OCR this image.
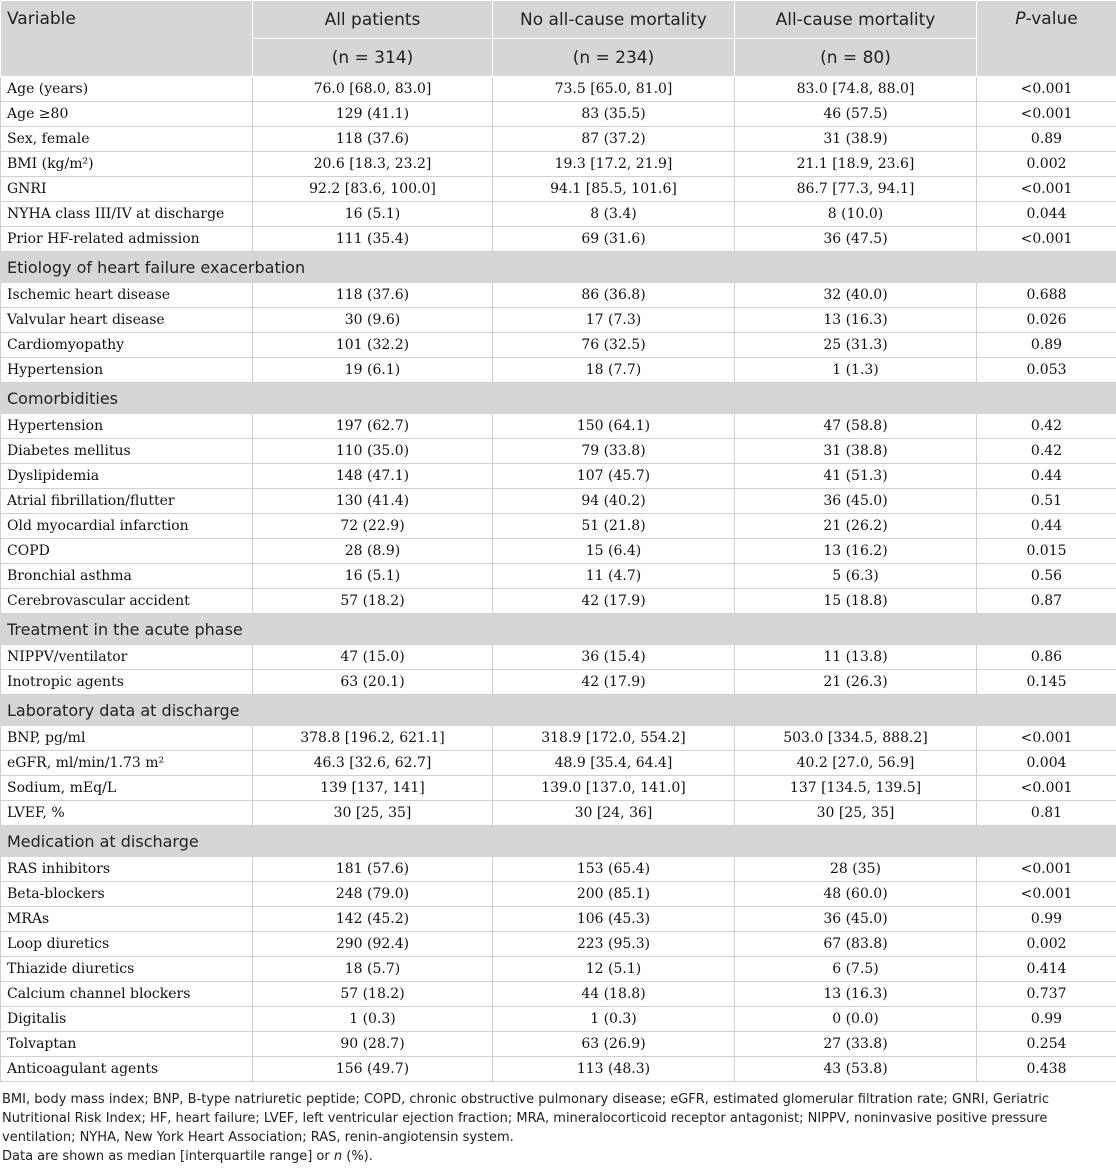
Variable	All patients	No all-cause mortality	All-cause mortality	P-value
	(n = 314)	(n = 234)	(n = 80)	
Age (years)	76.0 [68.0, 83.0]	73.5 [65.0, 81.0]	83.0 [74.8, 88.0]	<0.001
Age ≥80	129 (41.1)	83 (35.5)	46 (57.5)	<0.001
Sex, female	118 (37.6)	87 (37.2)	31 (38.9)	0.89
BMI (kg/m²)	20.6 [18.3, 23.2]	19.3 [17.2, 21.9]	21.1 [18.9, 23.6]	0.002
GNRI	92.2 [83.6, 100.0]	94.1 [85.5, 101.6]	86.7 [77.3, 94.1]	<0.001
NYHA class III/IV at discharge	16 (5.1)	8 (3.4)	8 (10.0)	0.044
Prior HF-related admission	111 (35.4)	69 (31.6)	36 (47.5)	<0.001
Etiology of heart failure exacerbation				
Ischemic heart disease	118 (37.6)	86 (36.8)	32 (40.0)	0.688
Valvular heart disease	30 (9.6)	17 (7.3)	13 (16.3)	0.026
Cardiomyopathy	101 (32.2)	76 (32.5)	25 (31.3)	0.89
Hypertension	19 (6.1)	18 (7.7)	1 (1.3)	0.053
Comorbidities				
Hypertension	197 (62.7)	150 (64.1)	47 (58.8)	0.42
Diabetes mellitus	110 (35.0)	79 (33.8)	31 (38.8)	0.42
Dyslipidemia	148 (47.1)	107 (45.7)	41 (51.3)	0.44
Atrial fibrillation/flutter	130 (41.4)	94 (40.2)	36 (45.0)	0.51
Old myocardial infarction	72 (22.9)	51 (21.8)	21 (26.2)	0.44
COPD	28 (8.9)	15 (6.4)	13 (16.2)	0.015
Bronchial asthma	16 (5.1)	11 (4.7)	5 (6.3)	0.56
Cerebrovascular accident	57 (18.2)	42 (17.9)	15 (18.8)	0.87
Treatment in the acute phase				
NIPPV/ventilator	47 (15.0)	36 (15.4)	11 (13.8)	0.86
Inotropic agents	63 (20.1)	42 (17.9)	21 (26.3)	0.145
Laboratory data at discharge				
BNP, pg/ml	378.8 [196.2, 621.1]	318.9 [172.0, 554.2]	503.0 [334.5, 888.2]	<0.001
eGFR, ml/min/1.73 m²	46.3 [32.6, 62.7]	48.9 [35.4, 64.4]	40.2 [27.0, 56.9]	0.004
Sodium, mEq/L	139 [137, 141]	139.0 [137.0, 141.0]	137 [134.5, 139.5]	<0.001
LVEF, %	30 [25, 35]	30 [24, 36]	30 [25, 35]	0.81
Medication at discharge				
RAS inhibitors	181 (57.6)	153 (65.4)	28 (35)	<0.001
Beta-blockers	248 (79.0)	200 (85.1)	48 (60.0)	<0.001
MRAs	142 (45.2)	106 (45.3)	36 (45.0)	0.99
Loop diuretics	290 (92.4)	223 (95.3)	67 (83.8)	0.002
Thiazide diuretics	18 (5.7)	12 (5.1)	6 (7.5)	0.414
Calcium channel blockers	57 (18.2)	44 (18.8)	13 (16.3)	0.737
Digitalis	1 (0.3)	1 (0.3)	0 (0.0)	0.99
Tolvaptan	90 (28.7)	63 (26.9)	27 (33.8)	0.254
Anticoagulant agents	156 (49.7)	113 (48.3)	43 (53.8)	0.438

BMI, body mass index; BNP, B-type natriuretic peptide; COPD, chronic obstructive pulmonary disease; eGFR, estimated glomerular filtration rate; GNRI, Geriatric Nutritional Risk Index; HF, heart failure; LVEF, left ventricular ejection fraction; MRA, mineralocorticoid receptor antagonist; NIPPV, noninvasive positive pressure ventilation; NYHA, New York Heart Association; RAS, renin-angiotensin system.

Data are shown as median [interquartile range] or n (%).
